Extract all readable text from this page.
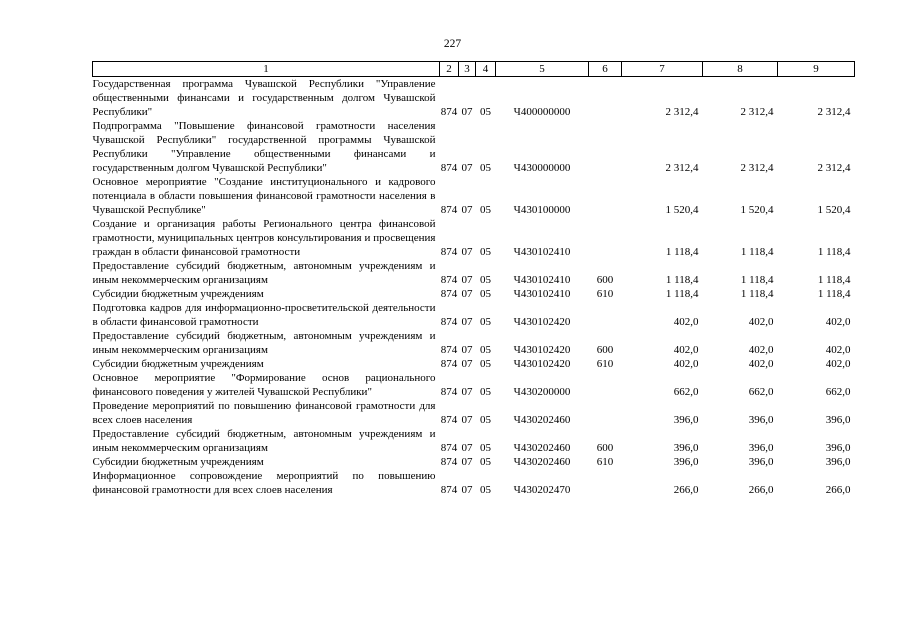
227
1	2	3	4	5	6	7	8	9
Государственная программа Чувашской Республики "Управление общественными финансами и государственным долгом Чувашской Республики"	874	07	05	Ч400000000		2 312,4	2 312,4	2 312,4
Подпрограмма "Повышение финансовой грамотности населения Чувашской Республики" государственной программы Чувашской Республики "Управление общественными финансами и государственным долгом Чувашской Республики"	874	07	05	Ч430000000		2 312,4	2 312,4	2 312,4
Основное мероприятие "Создание институционального и кадрового потенциала в области повышения финансовой грамотности населения в Чувашской Республике"	874	07	05	Ч430100000		1 520,4	1 520,4	1 520,4
Создание и организация работы Регионального центра финансовой грамотности, муниципальных центров консультирования и просвещения граждан в области финансовой грамотности	874	07	05	Ч430102410		1 118,4	1 118,4	1 118,4
Предоставление субсидий бюджетным, автономным учреждениям и иным некоммерческим организациям	874	07	05	Ч430102410	600	1 118,4	1 118,4	1 118,4
Субсидии бюджетным учреждениям	874	07	05	Ч430102410	610	1 118,4	1 118,4	1 118,4
Подготовка кадров для информационно-просветительской деятельности в области финансовой грамотности	874	07	05	Ч430102420		402,0	402,0	402,0
Предоставление субсидий бюджетным, автономным учреждениям и иным некоммерческим организациям	874	07	05	Ч430102420	600	402,0	402,0	402,0
Субсидии бюджетным учреждениям	874	07	05	Ч430102420	610	402,0	402,0	402,0
Основное мероприятие "Формирование основ рационального финансового поведения у жителей Чувашской Республики"	874	07	05	Ч430200000		662,0	662,0	662,0
Проведение мероприятий по повышению финансовой грамотности для всех слоев населения	874	07	05	Ч430202460		396,0	396,0	396,0
Предоставление субсидий бюджетным, автономным учреждениям и иным некоммерческим организациям	874	07	05	Ч430202460	600	396,0	396,0	396,0
Субсидии бюджетным учреждениям	874	07	05	Ч430202460	610	396,0	396,0	396,0
Информационное сопровождение мероприятий по повышению финансовой грамотности для всех слоев населения	874	07	05	Ч430202470		266,0	266,0	266,0
